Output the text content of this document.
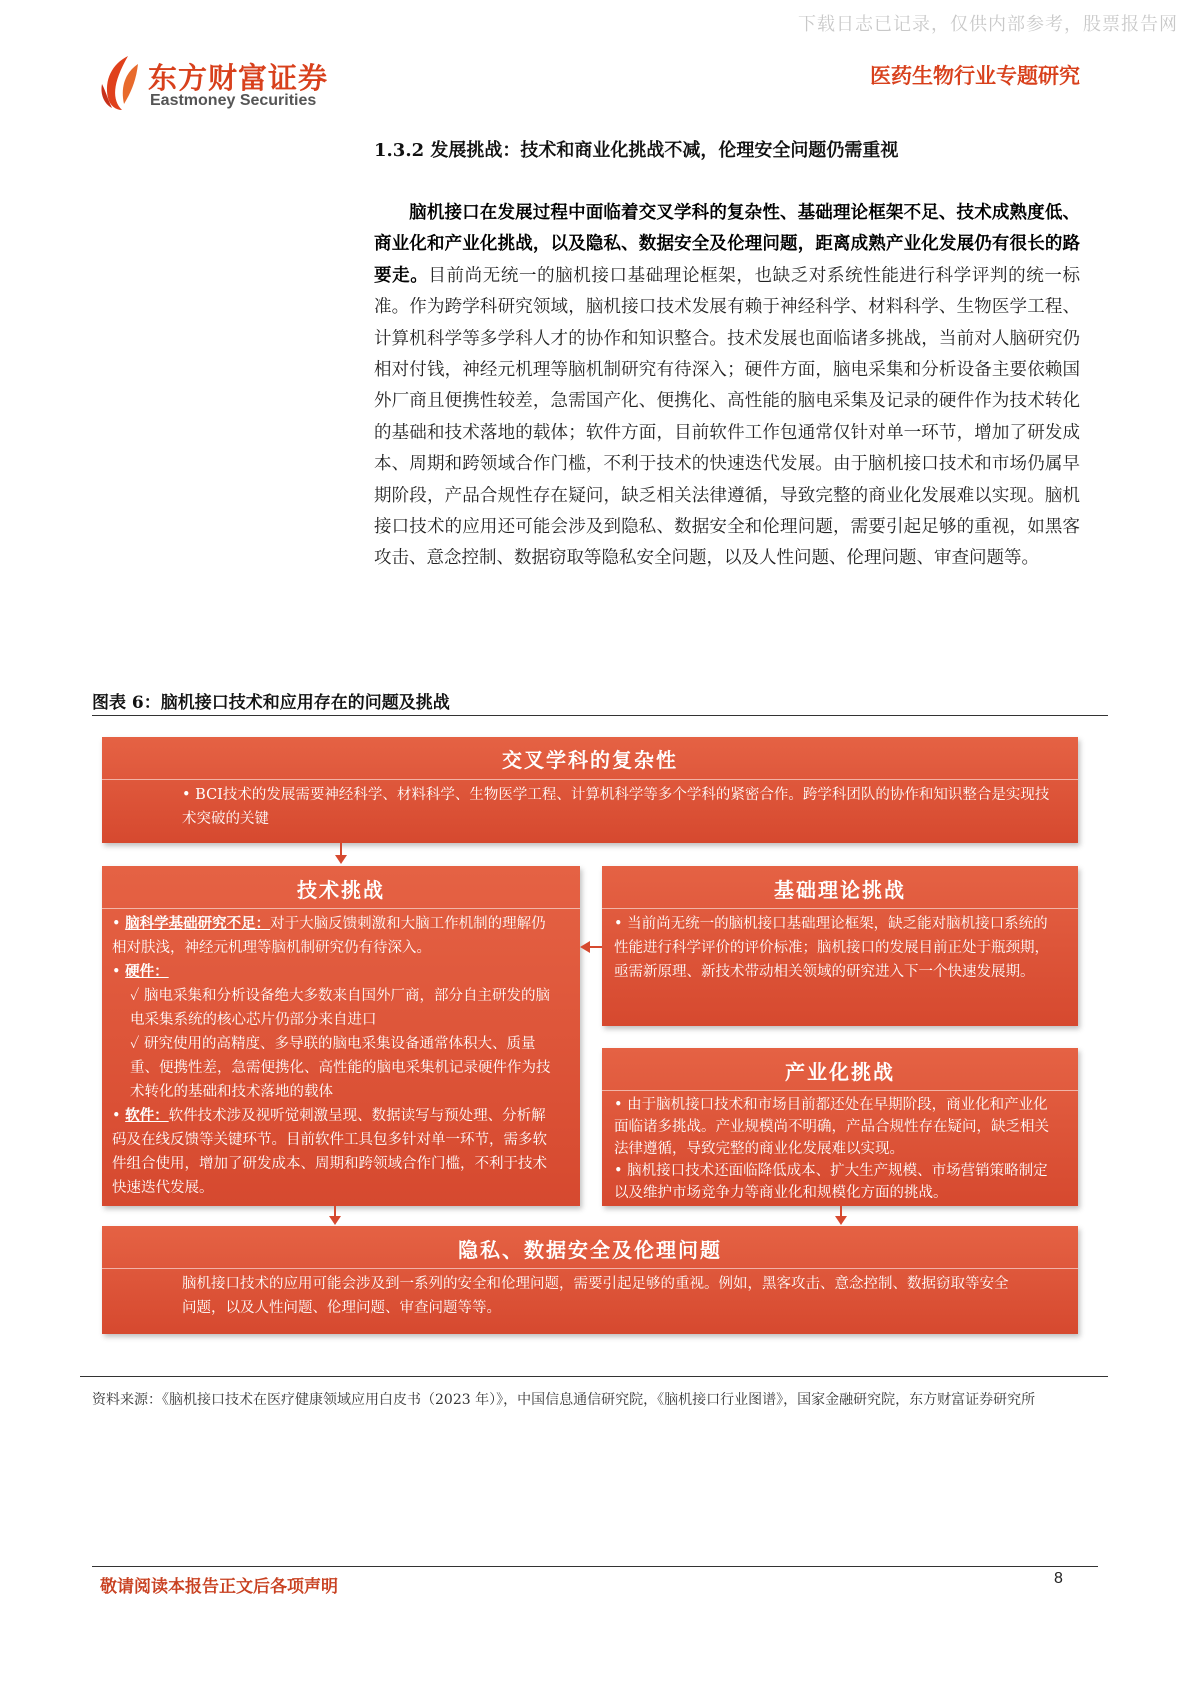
下载日志已记录，仅供内部参考，股票报告网
东方财富证券
Eastmoney Securities
医药生物行业专题研究
1.3.2 发展挑战：技术和商业化挑战不减，伦理安全问题仍需重视
脑机接口在发展过程中面临着交叉学科的复杂性、基础理论框架不足、技术成熟度低、商业化和产业化挑战，以及隐私、数据安全及伦理问题，距离成熟产业化发展仍有很长的路要走。目前尚无统一的脑机接口基础理论框架，也缺乏对系统性能进行科学评判的统一标准。作为跨学科研究领域，脑机接口技术发展有赖于神经科学、材料科学、生物医学工程、计算机科学等多学科人才的协作和知识整合。技术发展也面临诸多挑战，当前对人脑研究仍相对付钱，神经元机理等脑机制研究有待深入；硬件方面，脑电采集和分析设备主要依赖国外厂商且便携性较差，急需国产化、便携化、高性能的脑电采集及记录的硬件作为技术转化的基础和技术落地的载体；软件方面，目前软件工作包通常仅针对单一环节，增加了研发成本、周期和跨领域合作门槛，不利于技术的快速迭代发展。由于脑机接口技术和市场仍属早期阶段，产品合规性存在疑问，缺乏相关法律遵循，导致完整的商业化发展难以实现。脑机接口技术的应用还可能会涉及到隐私、数据安全和伦理问题，需要引起足够的重视，如黑客攻击、意念控制、数据窃取等隐私安全问题，以及人性问题、伦理问题、审查问题等。
图表 6：脑机接口技术和应用存在的问题及挑战
交叉学科的复杂性
• BCI技术的发展需要神经科学、材料科学、生物医学工程、计算机科学等多个学科的紧密合作。跨学科团队的协作和知识整合是实现技术突破的关键
技术挑战
• 脑科学基础研究不足：对于大脑反馈刺激和大脑工作机制的理解仍相对肤浅，神经元机理等脑机制研究仍有待深入。
• 硬件：
✓ 脑电采集和分析设备绝大多数来自国外厂商，部分自主研发的脑电采集系统的核心芯片仍部分来自进口
✓ 研究使用的高精度、多导联的脑电采集设备通常体积大、质量重、便携性差，急需便携化、高性能的脑电采集机记录硬件作为技术转化的基础和技术落地的载体
• 软件：软件技术涉及视听觉刺激呈现、数据读写与预处理、分析解码及在线反馈等关键环节。目前软件工具包多针对单一环节，需多软件组合使用，增加了研发成本、周期和跨领域合作门槛，不利于技术快速迭代发展。
基础理论挑战
• 当前尚无统一的脑机接口基础理论框架，缺乏能对脑机接口系统的性能进行科学评价的评价标准；脑机接口的发展目前正处于瓶颈期，亟需新原理、新技术带动相关领域的研究进入下一个快速发展期。
产业化挑战
• 由于脑机接口技术和市场目前都还处在早期阶段，商业化和产业化面临诸多挑战。产业规模尚不明确，产品合规性存在疑问，缺乏相关法律遵循，导致完整的商业化发展难以实现。
• 脑机接口技术还面临降低成本、扩大生产规模、市场营销策略制定以及维护市场竞争力等商业化和规模化方面的挑战。
隐私、数据安全及伦理问题
脑机接口技术的应用可能会涉及到一系列的安全和伦理问题，需要引起足够的重视。例如，黑客攻击、意念控制、数据窃取等安全问题，以及人性问题、伦理问题、审查问题等等。
资料来源：《脑机接口技术在医疗健康领域应用白皮书（2023 年）》，中国信息通信研究院，《脑机接口行业图谱》，国家金融研究院，东方财富证券研究所
敬请阅读本报告正文后各项声明	8
